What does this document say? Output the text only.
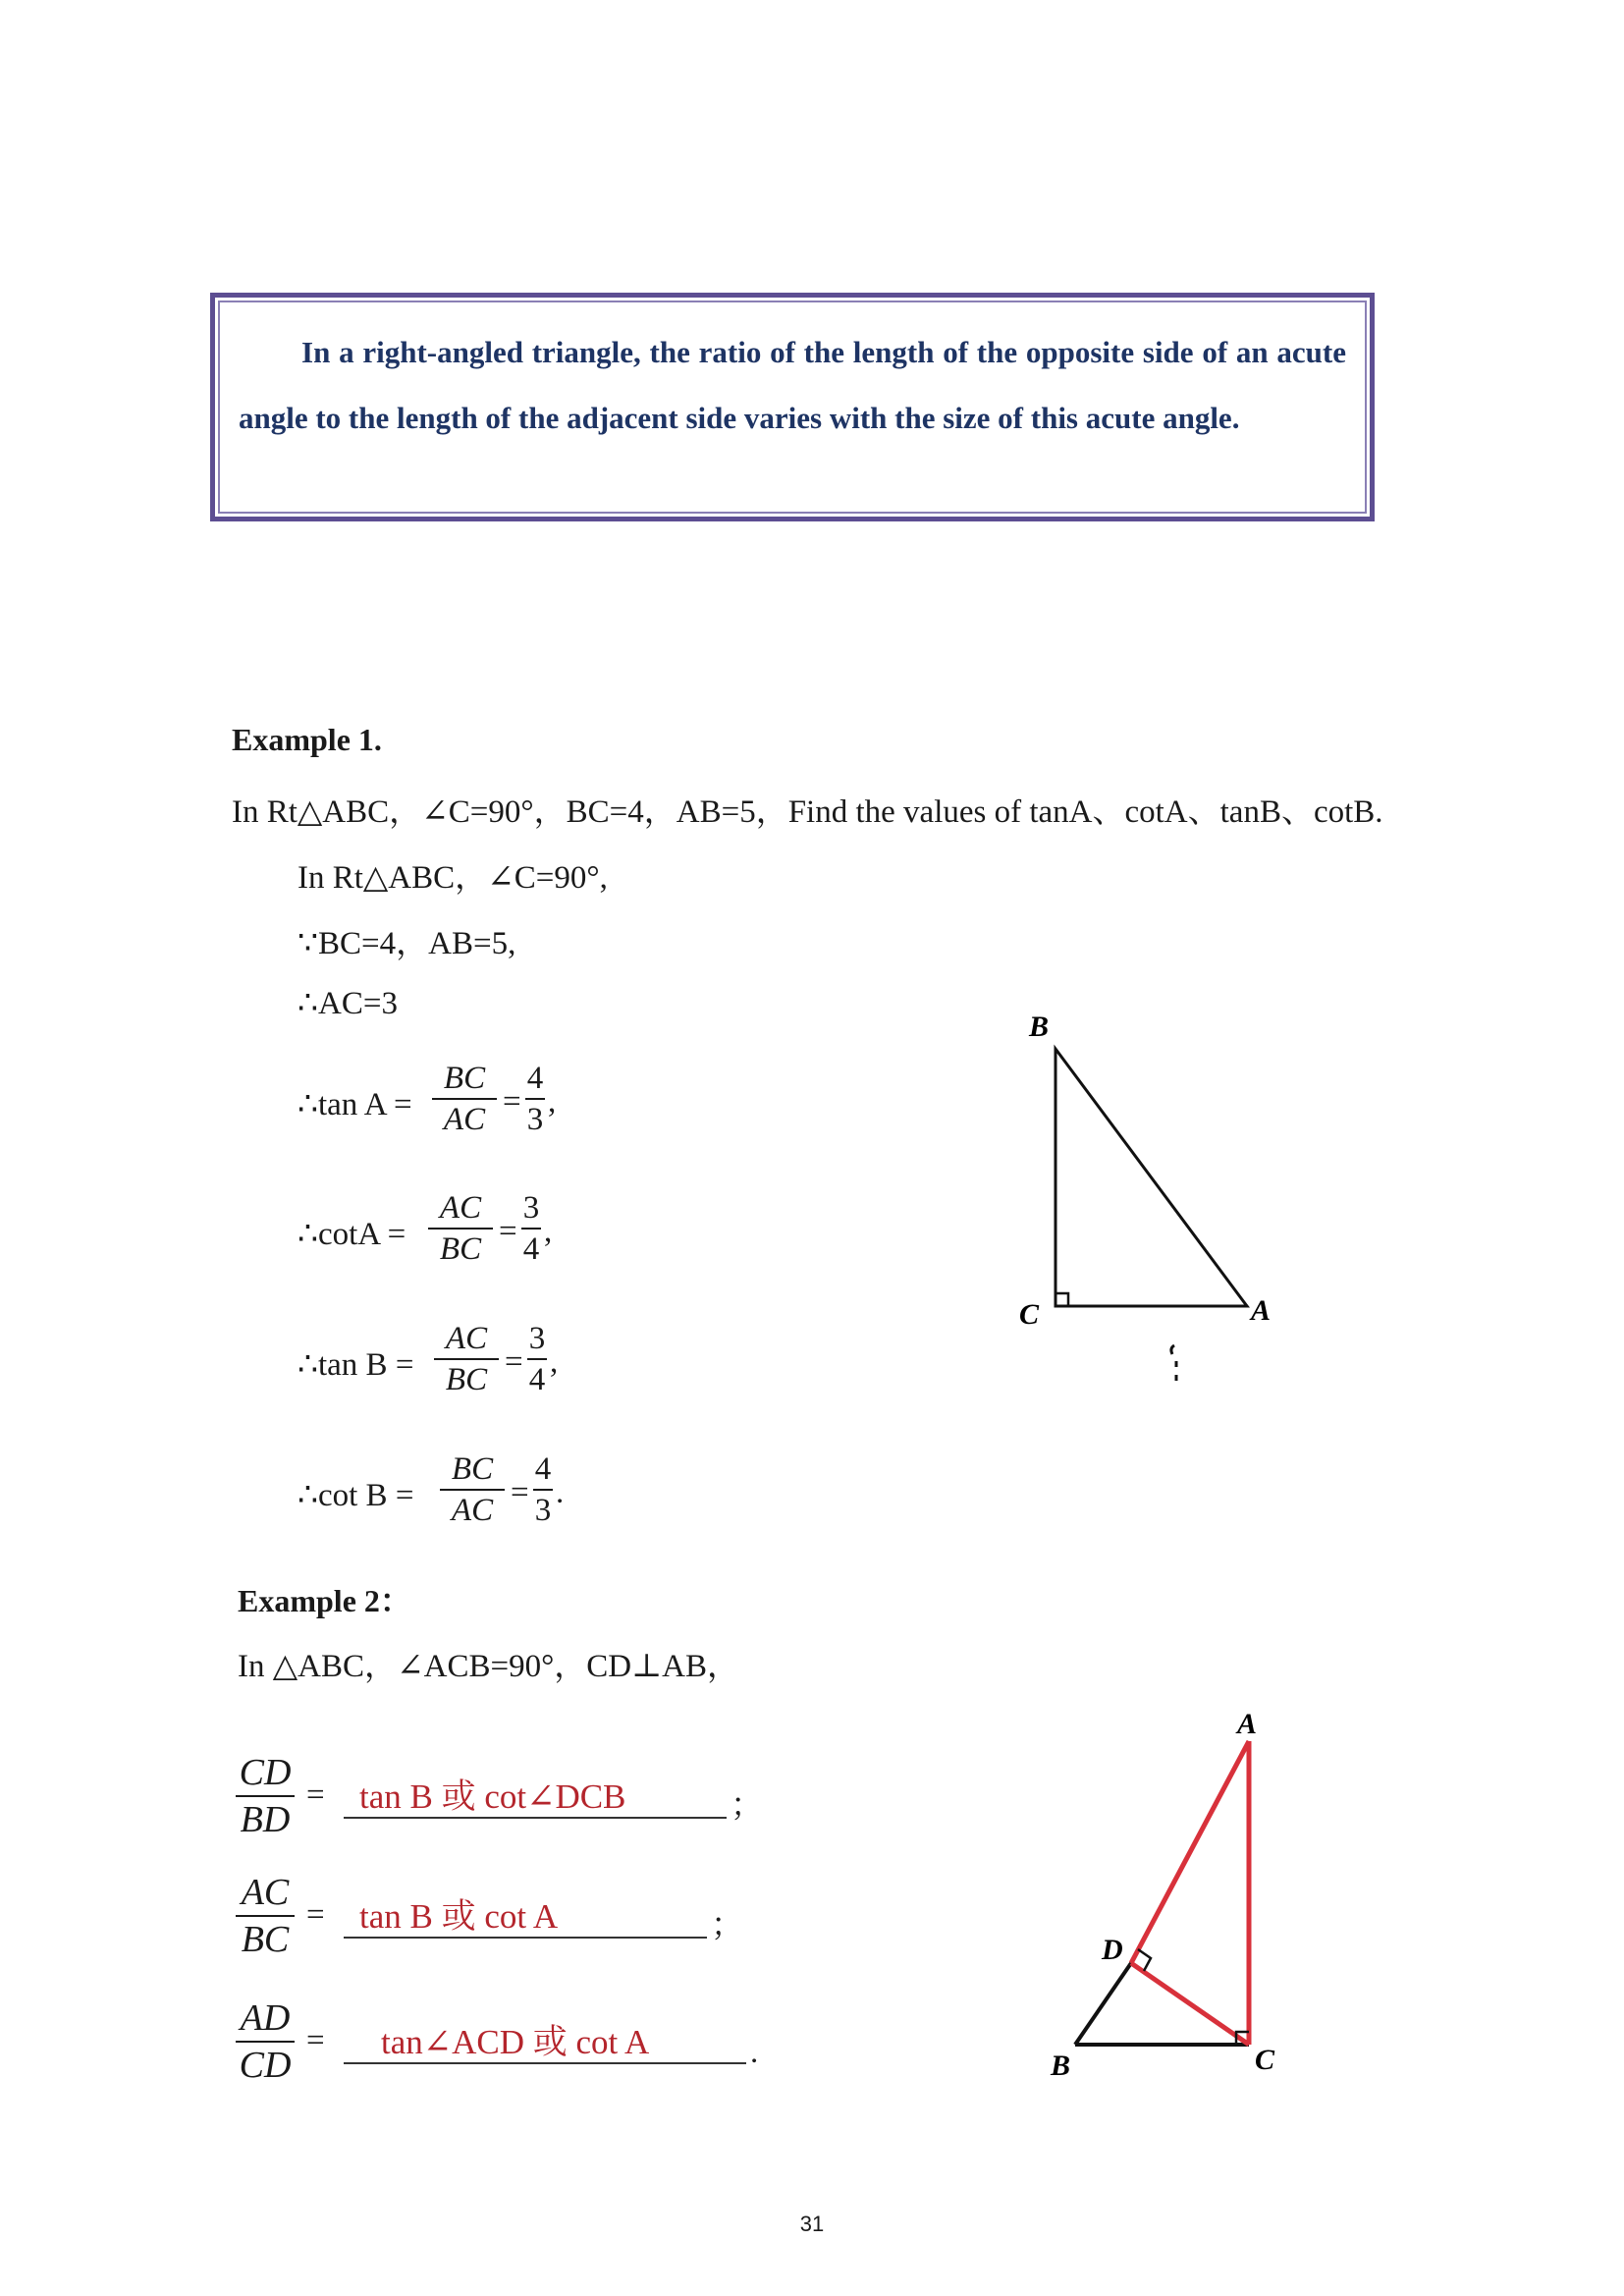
In a right-angled triangle, the ratio of the length of the opposite side of an acute angle to the length of the adjacent side varies with the size of this acute angle.
Example 1.
In Rt△ABC，∠C=90°，BC=4，AB=5，Find the values of tanA、cotA、tanB、cotB.
In Rt△ABC，∠C=90°,
∵BC=4，AB=5,
∴AC=3
∴tan A =
BC
AC =
4
3 ,
∴cotA =
AC
BC =
3
4 ,
∴tan B =
AC
BC =
3
4 ,
∴cot B =
BC
AC =
4
3 .
B
C	A
Example 2：
In △ABC，∠ACB=90°，CD⊥AB，
CD
BD
= tan B 或 cot∠DCB	；
AC
BC
= tan B 或 cot A	；
AD
CD
= tan∠ACD 或 cot A	.
A
D
B	C
31
